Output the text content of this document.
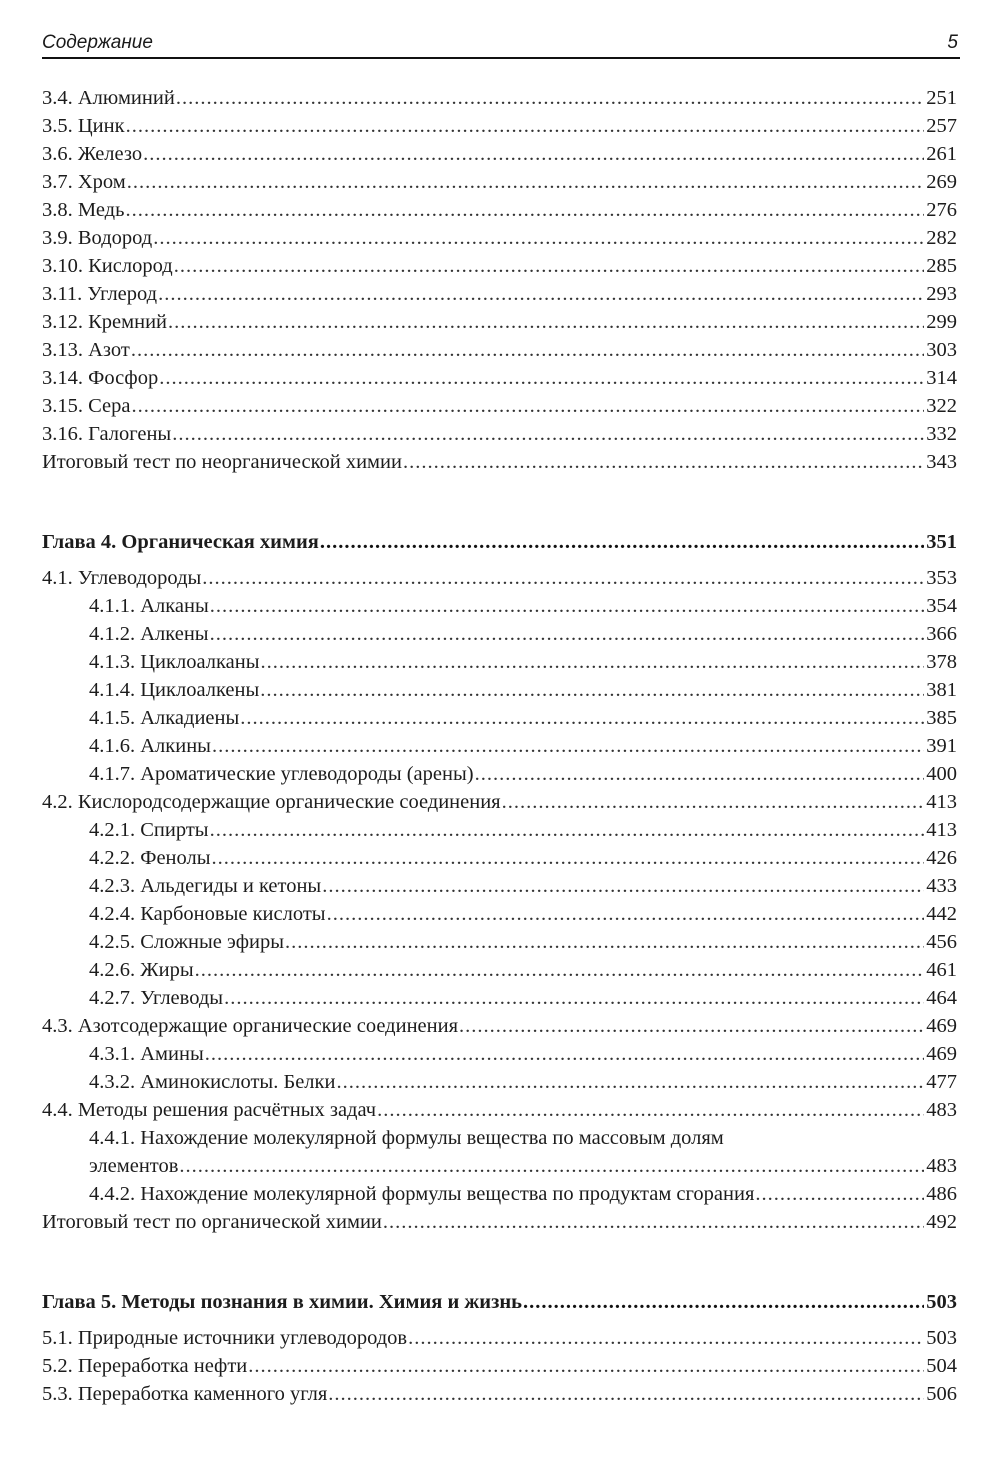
Содержание	5
3.4. Алюминий .....	251
3.5. Цинк .....	257
3.6. Железо .....	261
3.7. Хром .....	269
3.8. Медь .....	276
3.9. Водород .....	282
3.10. Кислород .....	285
3.11. Углерод .....	293
3.12. Кремний .....	299
3.13. Азот .....	303
3.14. Фосфор .....	314
3.15. Сера .....	322
3.16. Галогены .....	332
Итоговый тест по неорганической химии .....	343
Глава 4. Органическая химия .....	351
4.1. Углеводороды .....	353
4.1.1. Алканы .....	354
4.1.2. Алкены .....	366
4.1.3. Циклоалканы .....	378
4.1.4. Циклоалкены .....	381
4.1.5. Алкадиены .....	385
4.1.6. Алкины .....	391
4.1.7. Ароматические углеводороды (арены) .....	400
4.2. Кислородсодержащие органические соединения .....	413
4.2.1. Спирты .....	413
4.2.2. Фенолы .....	426
4.2.3. Альдегиды и кетоны .....	433
4.2.4. Карбоновые кислоты .....	442
4.2.5. Сложные эфиры .....	456
4.2.6. Жиры .....	461
4.2.7. Углеводы .....	464
4.3. Азотсодержащие органические соединения .....	469
4.3.1. Амины .....	469
4.3.2. Аминокислоты. Белки .....	477
4.4. Методы решения расчётных задач .....	483
4.4.1. Нахождение молекулярной формулы вещества по массовым долям
элементов .....	483
4.4.2. Нахождение молекулярной формулы вещества по продуктам сгорания .....	486
Итоговый тест по органической химии .....	492
Глава 5. Методы познания в химии. Химия и жизнь .....	503
5.1. Природные источники углеводородов .....	503
5.2. Переработка нефти .....	504
5.3. Переработка каменного угля .....	506
